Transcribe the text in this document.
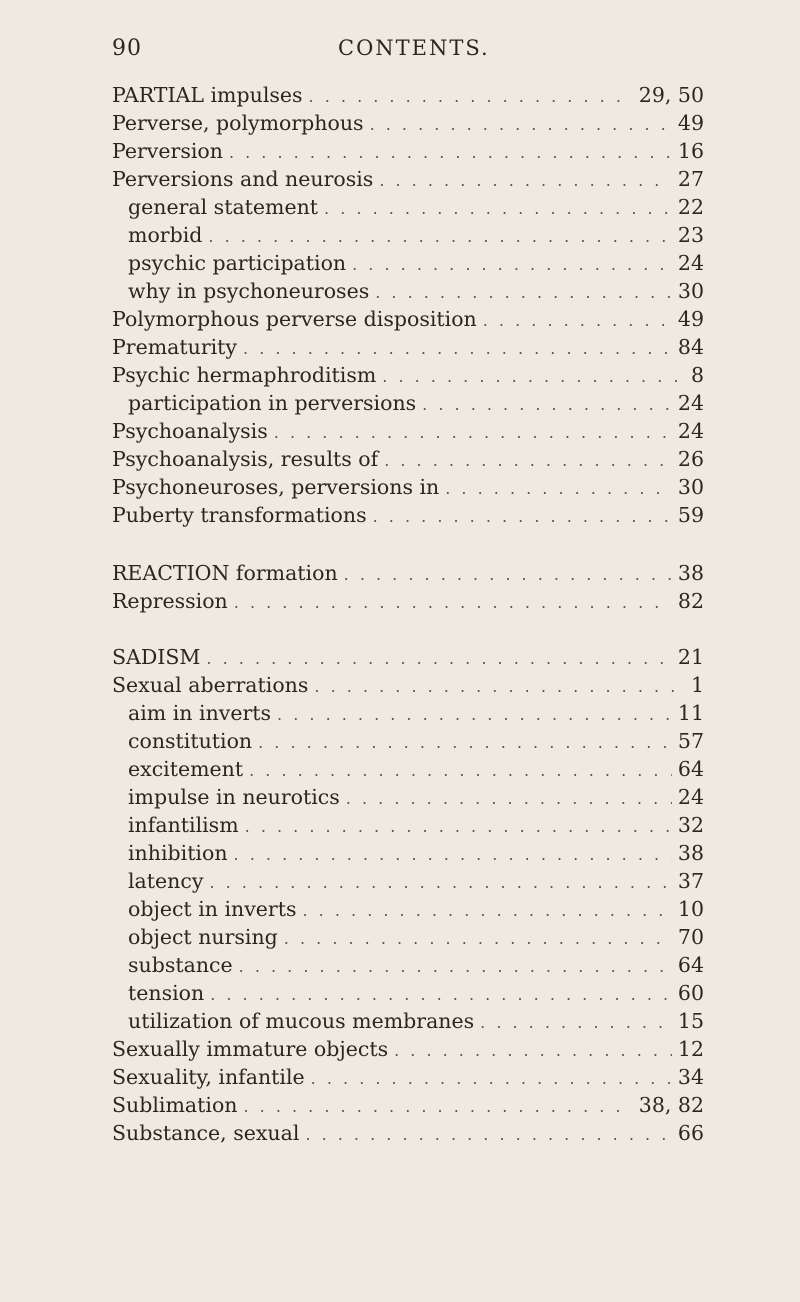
90	CONTENTS.
PARTIAL impulses . . .	29, 50
Perverse, polymorphous . . .	49
Perversion . . .	16
Perversions and neurosis . . .	27
general statement . . .	22
morbid . . .	23
psychic participation . . .	24
why in psychoneuroses . . .	30
Polymorphous perverse disposition . . .	49
Prematurity . . .	84
Psychic hermaphroditism . . .	8
participation in perversions . . .	24
Psychoanalysis . . .	24
Psychoanalysis, results of . . .	26
Psychoneuroses, perversions in . . .	30
Puberty transformations . . .	59
REACTION formation . . .	38
Repression . . .	82
SADISM . . .	21
Sexual aberrations . . .	1
aim in inverts . . .	11
constitution . . .	57
excitement . . .	64
impulse in neurotics . . .	24
infantilism . . .	32
inhibition . . .	38
latency . . .	37
object in inverts . . .	10
object nursing . . .	70
substance . . .	64
tension . . .	60
utilization of mucous membranes . . .	15
Sexually immature objects . . .	12
Sexuality, infantile . . .	34
Sublimation . . .	38, 82
Substance, sexual . . .	66
